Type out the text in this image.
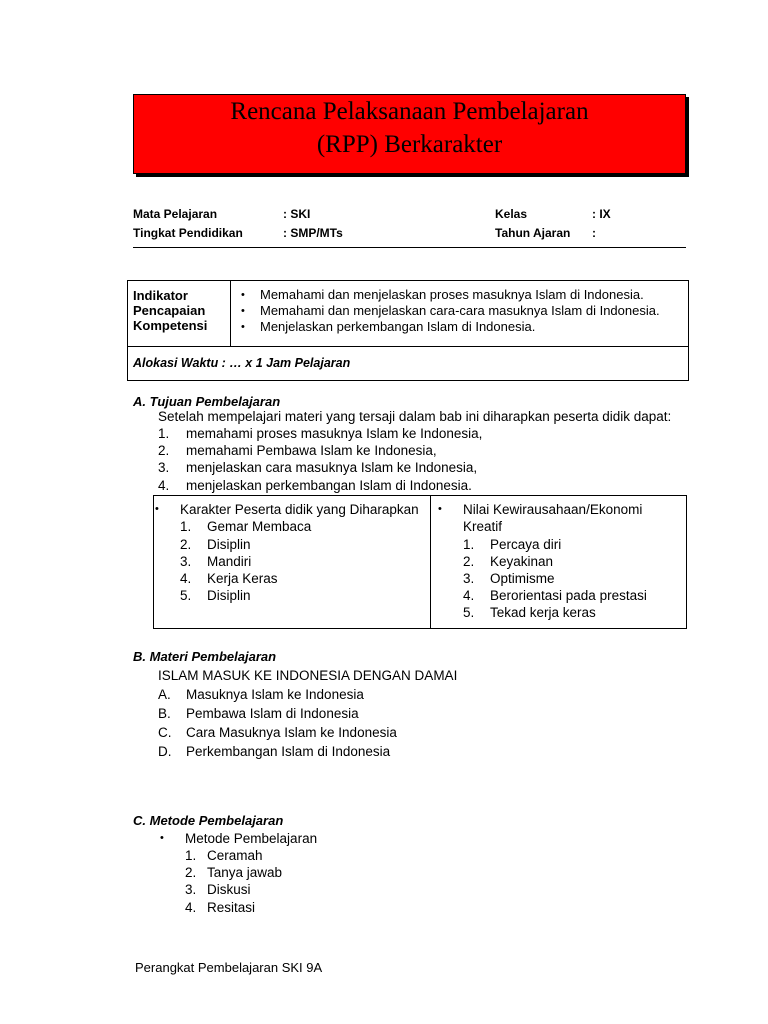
Rencana Pelaksanaan Pembelajaran
(RPP) Berkarakter
Mata Pelajaran	: SKI	Kelas	: IX
Tingkat Pendidikan	: SMP/MTs	Tahun Ajaran :
Indikator
Pencapaian
Kompetensi
• Memahami dan menjelaskan proses masuknya Islam di Indonesia.
• Memahami dan menjelaskan cara-cara masuknya Islam di Indonesia.
• Menjelaskan perkembangan Islam di Indonesia.
Alokasi Waktu : … x 1 Jam Pelajaran
A. Tujuan Pembelajaran
Setelah mempelajari materi yang tersaji dalam bab ini diharapkan peserta didik dapat:
1. memahami proses masuknya Islam ke Indonesia,
2. memahami Pembawa Islam ke Indonesia,
3. menjelaskan cara masuknya Islam ke Indonesia,
4. menjelaskan perkembangan Islam di Indonesia.
• Karakter Peserta didik yang Diharapkan
1. Gemar Membaca
2. Disiplin
3. Mandiri
4. Kerja Keras
5. Disiplin
• Nilai Kewirausahaan/Ekonomi
Kreatif
1. Percaya diri
2. Keyakinan
3. Optimisme
4. Berorientasi pada prestasi
5. Tekad kerja keras
B. Materi Pembelajaran
ISLAM MASUK KE INDONESIA DENGAN DAMAI
A. Masuknya Islam ke Indonesia
B. Pembawa Islam di Indonesia
C. Cara Masuknya Islam ke Indonesia
D. Perkembangan Islam di Indonesia
C. Metode Pembelajaran
• Metode Pembelajaran
1. Ceramah
2. Tanya jawab
3. Diskusi
4. Resitasi
Perangkat Pembelajaran SKI 9A
